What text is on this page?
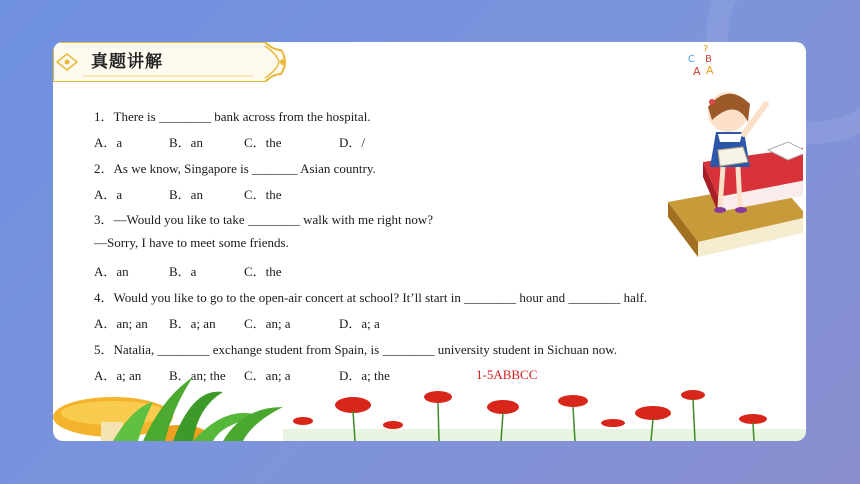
真题讲解
1．There is ________ bank across from the hospital.
A．a	B．an	C．the	D．/
2．As we know, Singapore is _______ Asian country.
A．a	B．an	C．the
3．—Would you like to take ________ walk with me right now?
—Sorry, I have to meet some friends.
A．an	B．a	C．the
4．Would you like to go to the open-air concert at school? It’ll start in ________ hour and ________ half.
A．an; an B．a; an C．an; a	D．a; a
5．Natalia, ________ exchange student from Spain, is ________ university student in Sichuan now.
A．a; an B．an; the C．an; a	D．a; the	1-5ABBCC
?
C B
A A
